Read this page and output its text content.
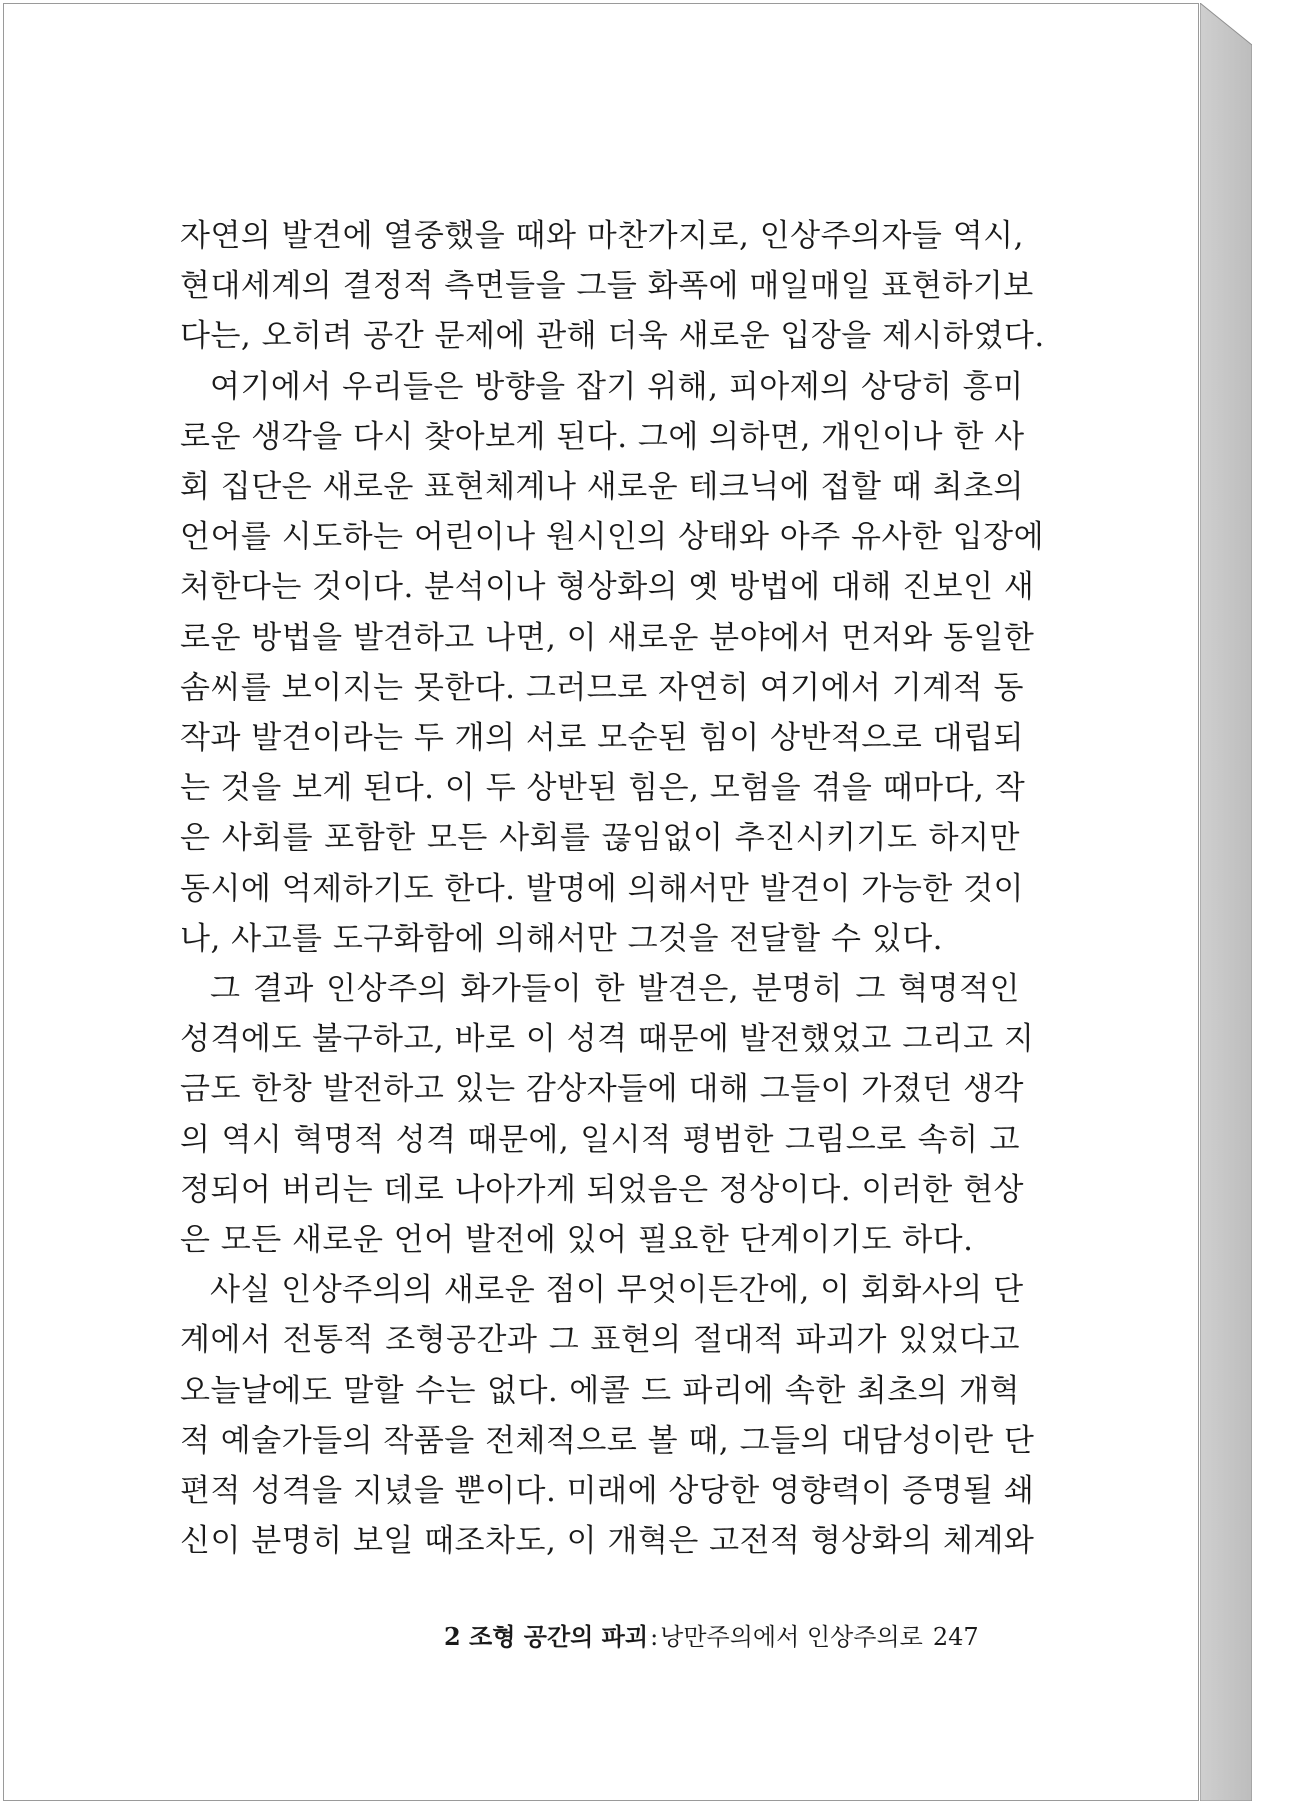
자연의 발견에 열중했을 때와 마찬가지로, 인상주의자들 역시,
현대세계의 결정적 측면들을 그들 화폭에 매일매일 표현하기보
다는, 오히려 공간 문제에 관해 더욱 새로운 입장을 제시하였다.
여기에서 우리들은 방향을 잡기 위해, 피아제의 상당히 흥미
로운 생각을 다시 찾아보게 된다. 그에 의하면, 개인이나 한 사
회 집단은 새로운 표현체계나 새로운 테크닉에 접할 때 최초의
언어를 시도하는 어린이나 원시인의 상태와 아주 유사한 입장에
처한다는 것이다. 분석이나 형상화의 옛 방법에 대해 진보인 새
로운 방법을 발견하고 나면, 이 새로운 분야에서 먼저와 동일한
솜씨를 보이지는 못한다. 그러므로 자연히 여기에서 기계적 동
작과 발견이라는 두 개의 서로 모순된 힘이 상반적으로 대립되
는 것을 보게 된다. 이 두 상반된 힘은, 모험을 겪을 때마다, 작
은 사회를 포함한 모든 사회를 끊임없이 추진시키기도 하지만
동시에 억제하기도 한다. 발명에 의해서만 발견이 가능한 것이
나, 사고를 도구화함에 의해서만 그것을 전달할 수 있다.
그 결과 인상주의 화가들이 한 발견은, 분명히 그 혁명적인
성격에도 불구하고, 바로 이 성격 때문에 발전했었고 그리고 지
금도 한창 발전하고 있는 감상자들에 대해 그들이 가졌던 생각
의 역시 혁명적 성격 때문에, 일시적 평범한 그림으로 속히 고
정되어 버리는 데로 나아가게 되었음은 정상이다. 이러한 현상
은 모든 새로운 언어 발전에 있어 필요한 단계이기도 하다.
사실 인상주의의 새로운 점이 무엇이든간에, 이 회화사의 단
계에서 전통적 조형공간과 그 표현의 절대적 파괴가 있었다고
오늘날에도 말할 수는 없다. 에콜 드 파리에 속한 최초의 개혁
적 예술가들의 작품을 전체적으로 볼 때, 그들의 대담성이란 단
편적 성격을 지녔을 뿐이다. 미래에 상당한 영향력이 증명될 쇄
신이 분명히 보일 때조차도, 이 개혁은 고전적 형상화의 체계와
2 조형 공간의 파괴:낭만주의에서 인상주의로 247
